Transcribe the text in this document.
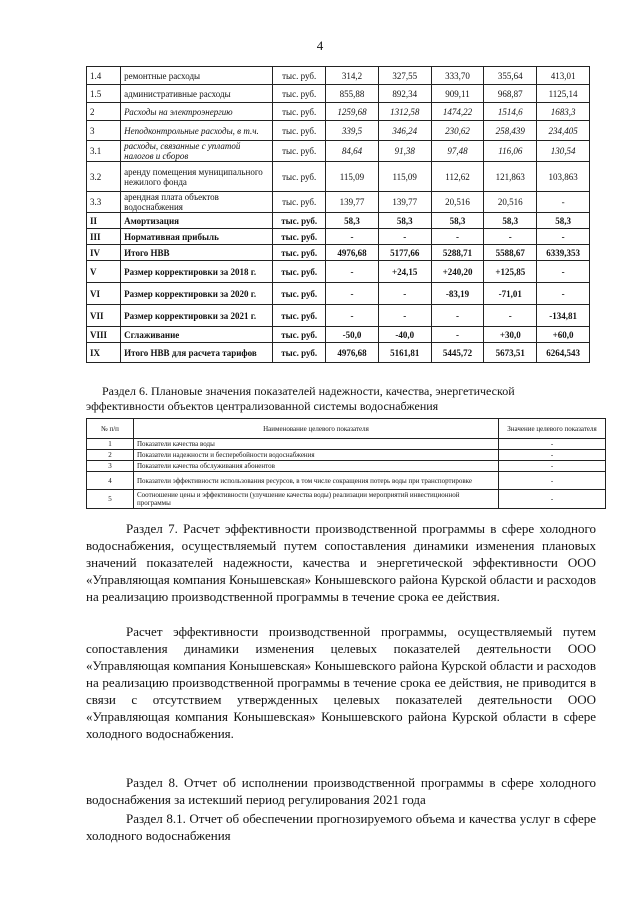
4
1.4	ремонтные расходы	тыс. руб.	314,2	327,55	333,70	355,64	413,01
1.5	административные расходы	тыс. руб.	855,88	892,34	909,11	968,87	1125,14
2	Расходы на электроэнергию	тыс. руб.	1259,68	1312,58	1474,22	1514,6	1683,3
3	Неподконтрольные расходы, в т.ч.	тыс. руб.	339,5	346,24	230,62	258,439	234,405
3.1	расходы, связанные с уплатой налогов и сборов	тыс. руб.	84,64	91,38	97,48	116,06	130,54
3.2	аренду помещения муниципального нежилого фонда	тыс. руб.	115,09	115,09	112,62	121,863	103,863
3.3	арендная плата объектов водоснабжения	тыс. руб.	139,77	139,77	20,516	20,516	-
II	Амортизация	тыс. руб.	58,3	58,3	58,3	58,3	58,3
III	Нормативная прибыль	тыс. руб.	-	-	-	-	-
IV	Итого НВВ	тыс. руб.	4976,68	5177,66	5288,71	5588,67	6339,353
V	Размер корректировки за 2018 г.	тыс. руб.	-	+24,15	+240,20	+125,85	-
VI	Размер корректировки за 2020 г.	тыс. руб.	-	-	-83,19	-71,01	-
VII	Размер корректировки за 2021 г.	тыс. руб.	-	-	-	-	-134,81
VIII	Сглаживание	тыс. руб.	-50,0	-40,0	-	+30,0	+60,0
IX	Итого НВВ для расчета тарифов	тыс. руб.	4976,68	5161,81	5445,72	5673,51	6264,543
Раздел 6. Плановые значения показателей надежности, качества, энергетической эффективности объектов централизованной системы водоснабжения
№ п/п	Наименование целевого показателя	Значение целевого показателя
1	Показатели качества воды	-
2	Показатели надежности и бесперебойности водоснабжения	-
3	Показатели качества обслуживания абонентов	-
4	Показатели эффективности использования ресурсов, в том числе сокращения потерь воды при транспортировке	-
5	Соотношение цены и эффективности (улучшение качества воды) реализации мероприятий инвестиционной программы	-
Раздел 7. Расчет эффективности производственной программы в сфере холодного водоснабжения, осуществляемый путем сопоставления динамики изменения плановых значений показателей надежности, качества и энергетической эффективности ООО «Управляющая компания Конышевская» Конышевского района Курской области и расходов на реализацию производственной программы в течение срока ее действия.
Расчет эффективности производственной программы, осуществляемый путем сопоставления динамики изменения целевых показателей деятельности ООО «Управляющая компания Конышевская» Конышевского района Курской области и расходов на реализацию производственной программы в течение срока ее действия, не приводится в связи с отсутствием утвержденных целевых показателей деятельности ООО «Управляющая компания Конышевская» Конышевского района Курской области в сфере холодного водоснабжения.
Раздел 8. Отчет об исполнении производственной программы в сфере холодного водоснабжения за истекший период регулирования 2021 года
Раздел 8.1. Отчет об обеспечении прогнозируемого объема и качества услуг в сфере холодного водоснабжения
